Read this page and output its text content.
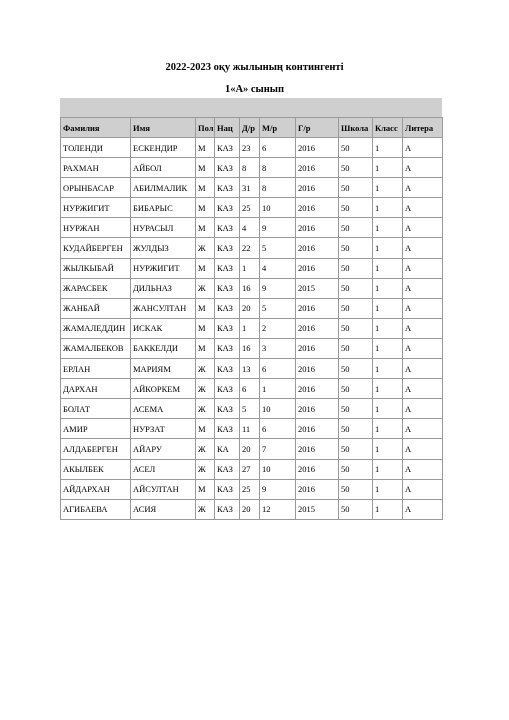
2022-2023 оқу жылының контингенті
1«А» сынып
Фамилия	Имя	Пол	Нац	Д/р	М/р	Г/р	Школа	Класс	Литера
ТОЛЕНДИ	ЕСКЕНДИР	М	КАЗ	23	6	2016	50	1	А
РАХМАН	АЙБОЛ	М	КАЗ	8	8	2016	50	1	А
ОРЫНБАСАР	АБИЛМАЛИК	М	КАЗ	31	8	2016	50	1	А
НУРЖИГИТ	БИБАРЫС	М	КАЗ	25	10	2016	50	1	А
НУРЖАН	НУРАСЫЛ	М	КАЗ	4	9	2016	50	1	А
КУДАЙБЕРГЕН	ЖУЛДЫЗ	Ж	КАЗ	22	5	2016	50	1	А
ЖЫЛКЫБАЙ	НУРЖИГИТ	М	КАЗ	1	4	2016	50	1	А
ЖАРАСБЕК	ДИЛЬНАЗ	Ж	КАЗ	16	9	2015	50	1	А
ЖАНБАЙ	ЖАНСУЛТАН	М	КАЗ	20	5	2016	50	1	А
ЖАМАЛЕДДИН	ИСКАК	М	КАЗ	1	2	2016	50	1	А
ЖАМАЛБЕКОВ	БАККЕЛДИ	М	КАЗ	16	3	2016	50	1	А
ЕРЛАН	МАРИЯМ	Ж	КАЗ	13	6	2016	50	1	А
ДАРХАН	АЙКОРКЕМ	Ж	КАЗ	6	1	2016	50	1	А
БОЛАТ	АСЕМА	Ж	КАЗ	5	10	2016	50	1	А
АМИР	НУРЗАТ	М	КАЗ	11	6	2016	50	1	А
АЛДАБЕРГЕН	АЙАРУ	Ж	КА	20	7	2016	50	1	А
АКЫЛБЕК	АСЕЛ	Ж	КАЗ	27	10	2016	50	1	А
АЙДАРХАН	АЙСУЛТАН	М	КАЗ	25	9	2016	50	1	А
АГИБАЕВА	АСИЯ	Ж	КАЗ	20	12	2015	50	1	А
